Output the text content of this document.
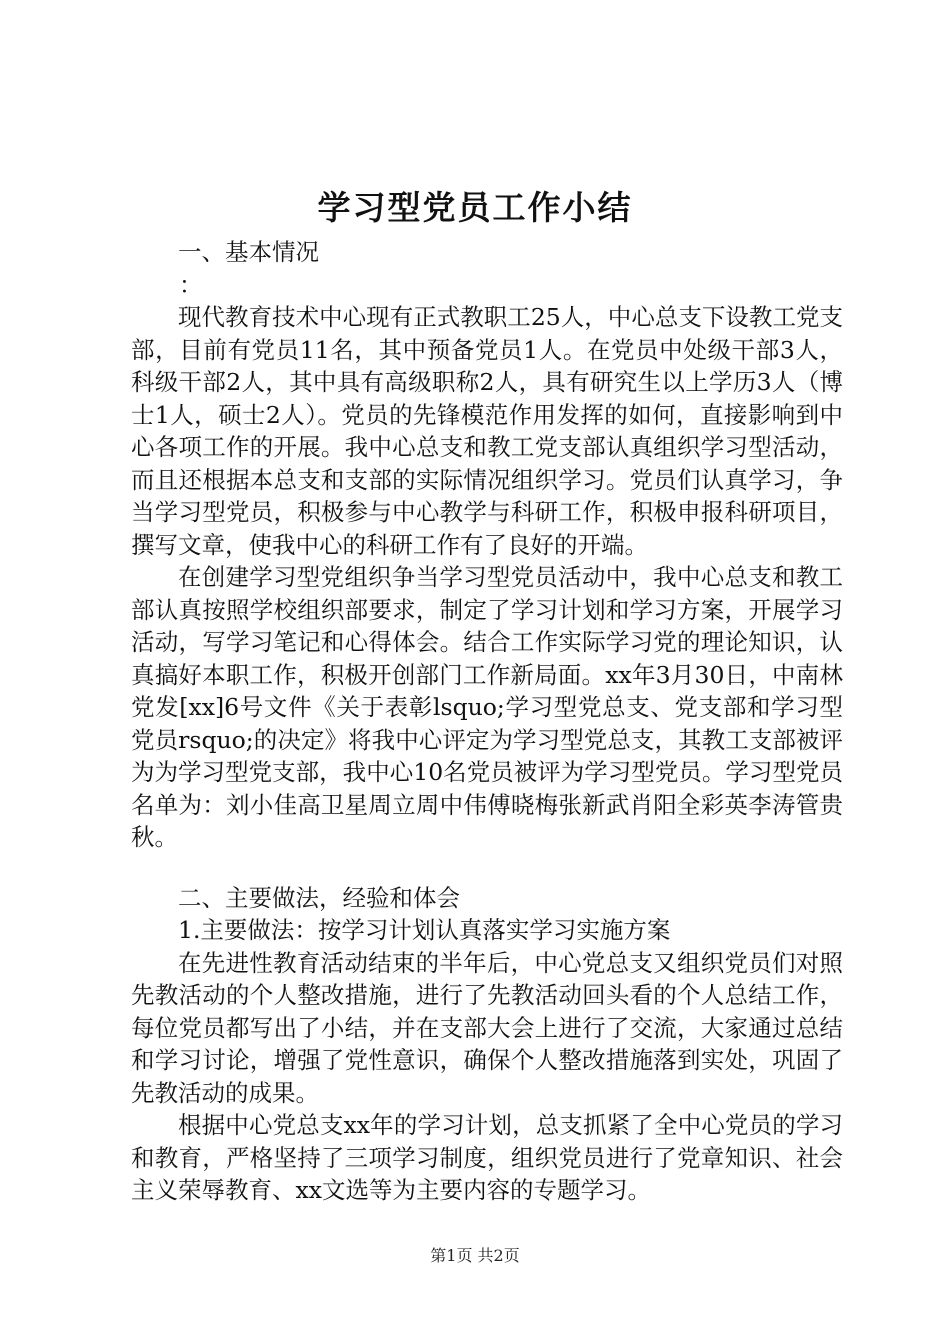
学习型党员工作小结

一、基本情况

：

现代教育技术中心现有正式教职工25人，中心总支下设教工党支部，目前有党员11名，其中预备党员1人。在党员中处级干部3人，科级干部2人，其中具有高级职称2人，具有研究生以上学历3人（博士1人，硕士2人）。党员的先锋模范作用发挥的如何，直接影响到中心各项工作的开展。我中心总支和教工党支部认真组织学习型活动，而且还根据本总支和支部的实际情况组织学习。党员们认真学习，争当学习型党员，积极参与中心教学与科研工作，积极申报科研项目，撰写文章，使我中心的科研工作有了良好的开端。

在创建学习型党组织争当学习型党员活动中，我中心总支和教工部认真按照学校组织部要求，制定了学习计划和学习方案，开展学习活动，写学习笔记和心得体会。结合工作实际学习党的理论知识，认真搞好本职工作，积极开创部门工作新局面。xx年3月30日，中南林党发[xx]6号文件《关于表彰lsquo;学习型党总支、党支部和学习型党员rsquo;的决定》将我中心评定为学习型党总支，其教工支部被评为为学习型党支部，我中心10名党员被评为学习型党员。学习型党员名单为：刘小佳高卫星周立周中伟傅晓梅张新武肖阳全彩英李涛管贵秋。

二、主要做法，经验和体会

1.主要做法：按学习计划认真落实学习实施方案

在先进性教育活动结束的半年后，中心党总支又组织党员们对照先教活动的个人整改措施，进行了先教活动回头看的个人总结工作，每位党员都写出了小结，并在支部大会上进行了交流，大家通过总结和学习讨论，增强了党性意识，确保个人整改措施落到实处，巩固了先教活动的成果。

根据中心党总支xx年的学习计划，总支抓紧了全中心党员的学习和教育，严格坚持了三项学习制度，组织党员进行了党章知识、社会主义荣辱教育、xx文选等为主要内容的专题学习。

第1页 共2页
